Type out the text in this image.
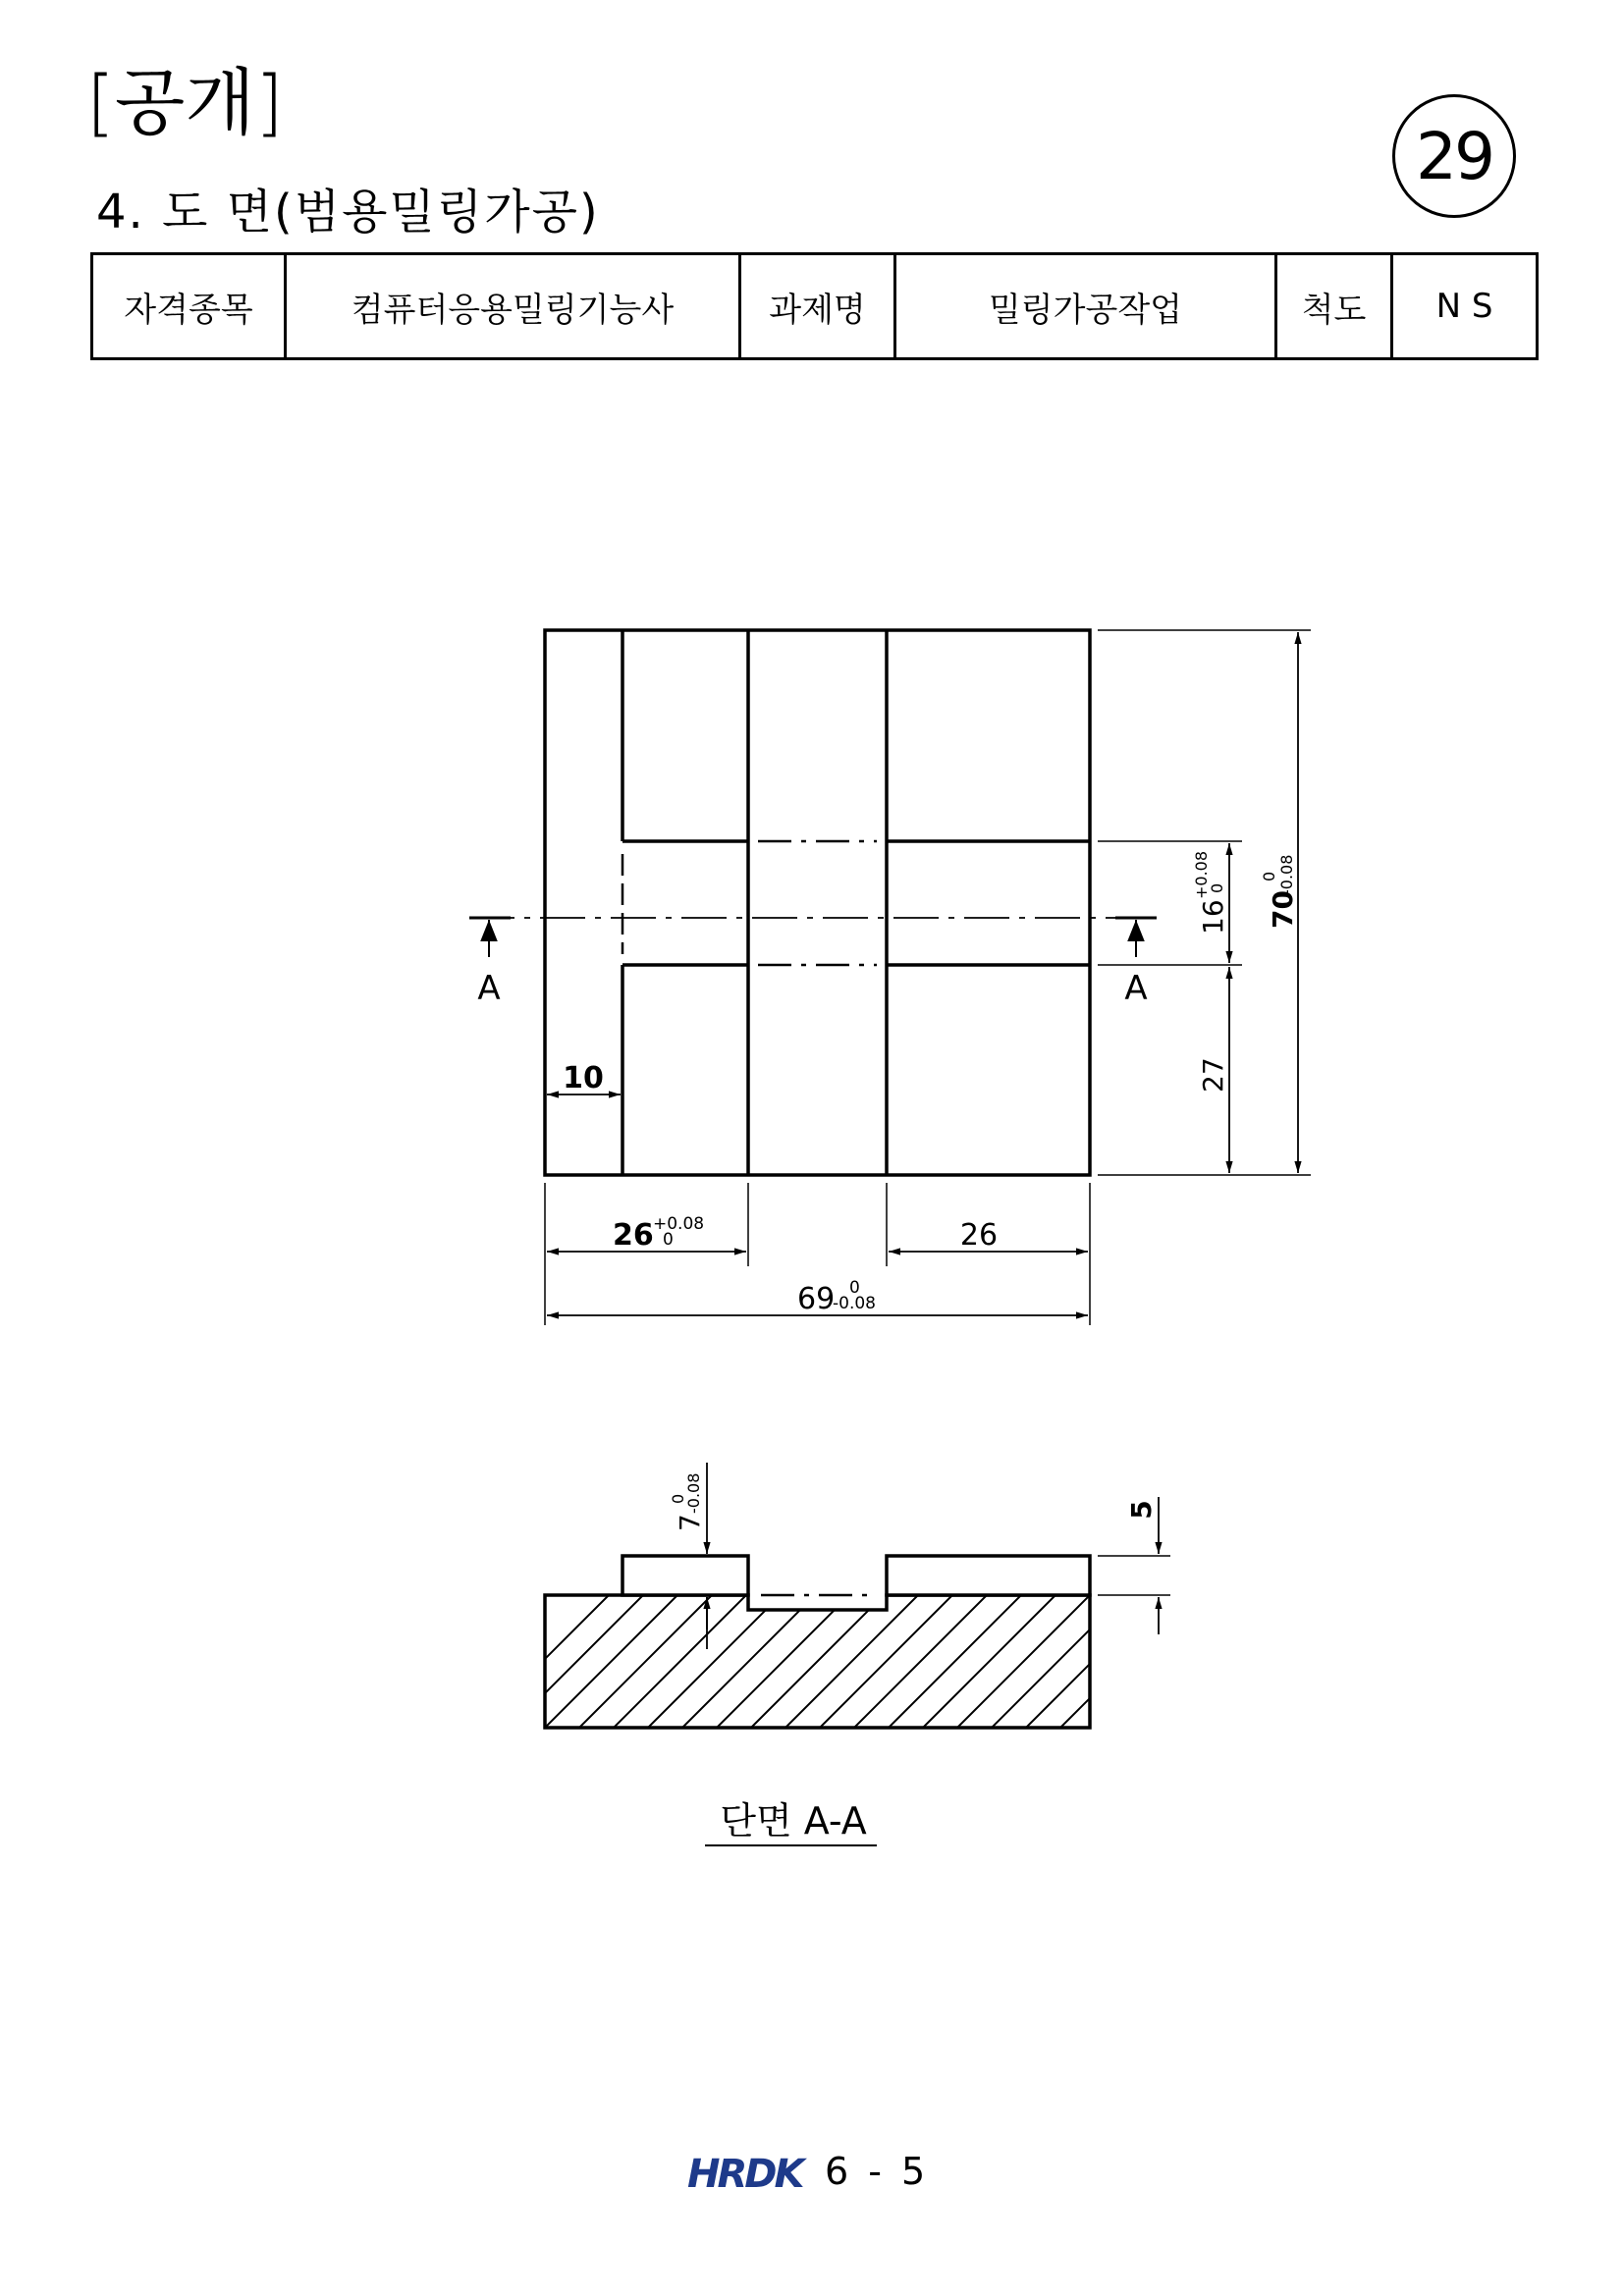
[공개]
29
4. 도 면(범용밀링가공)
자격종목	컴퓨터응용밀링기능사	과제명	밀링가공작업	척도	N S
A	A
10
26 +0.08
0	26
69 0
-0.08
16
+0.08
0
27
70
0 -0.08
7
0
-0.08	5
단면 A-A
HRDK 6 - 5
